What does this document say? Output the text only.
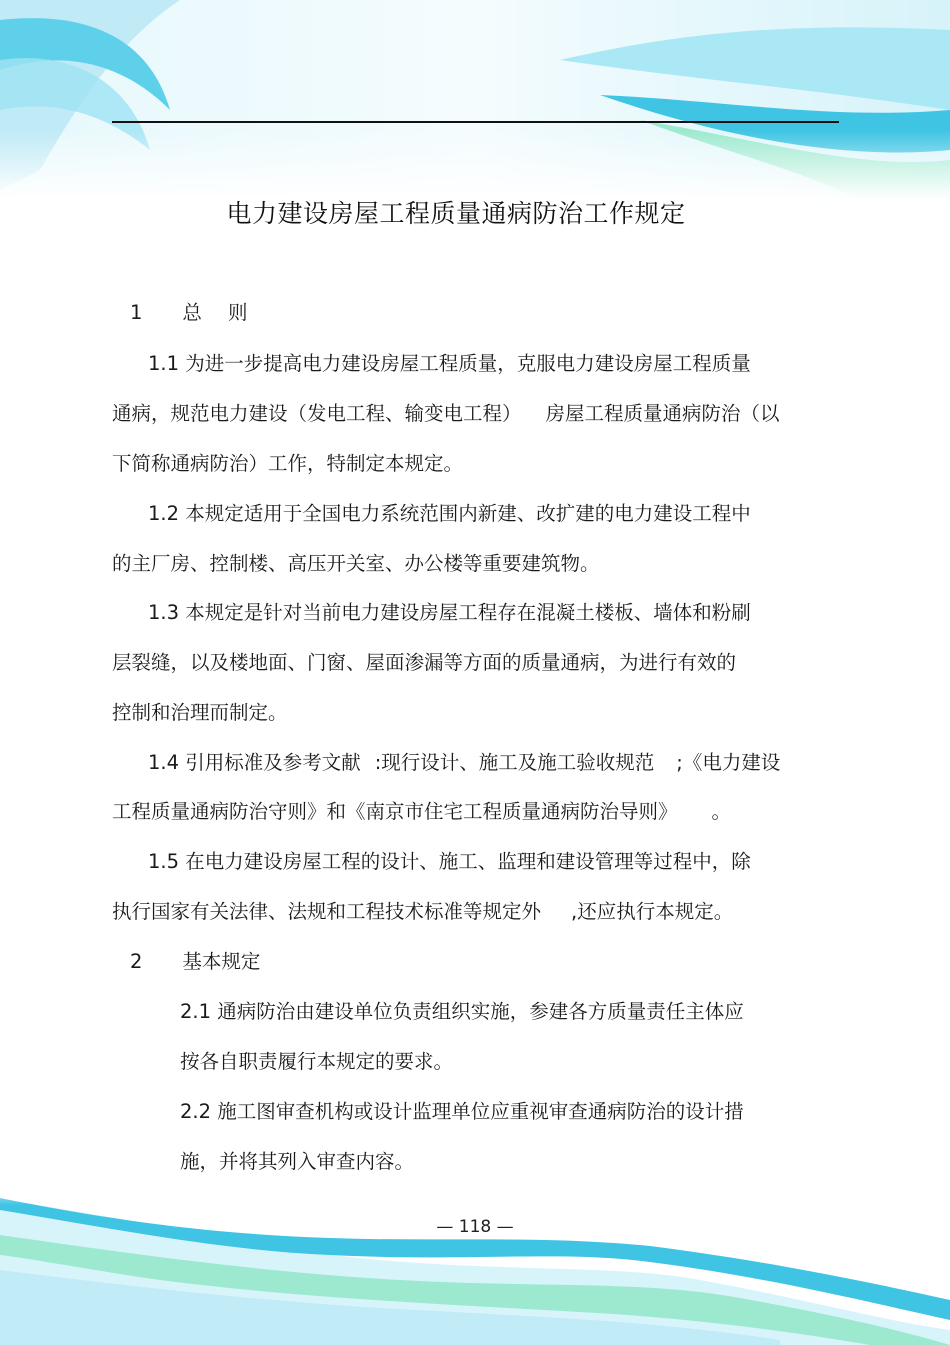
电力建设房屋工程质量通病防治工作规定
1 总 则
1.1 为进一步提高电力建设房屋工程质量，克服电力建设房屋工程质量
通病，规范电力建设（发电工程、输变电工程） 房屋工程质量通病防治（以
下简称通病防治）工作，特制定本规定。
1.2 本规定适用于全国电力系统范围内新建、改扩建的电力建设工程中
的主厂房、控制楼、高压开关室、办公楼等重要建筑物。
1.3 本规定是针对当前电力建设房屋工程存在混凝土楼板、墙体和粉刷
层裂缝，以及楼地面、门窗、屋面渗漏等方面的质量通病，为进行有效的
控制和治理而制定。
1.4 引用标准及参考文献 :现行设计、施工及施工验收规范 ;《电力建设
工程质量通病防治守则》和《南京市住宅工程质量通病防治导则》 。
1.5 在电力建设房屋工程的设计、施工、监理和建设管理等过程中，除
执行国家有关法律、法规和工程技术标准等规定外 ,还应执行本规定。
2 基本规定
2.1 通病防治由建设单位负责组织实施，参建各方质量责任主体应
按各自职责履行本规定的要求。
2.2 施工图审查机构或设计监理单位应重视审查通病防治的设计措
施，并将其列入审查内容。
— 118 —
